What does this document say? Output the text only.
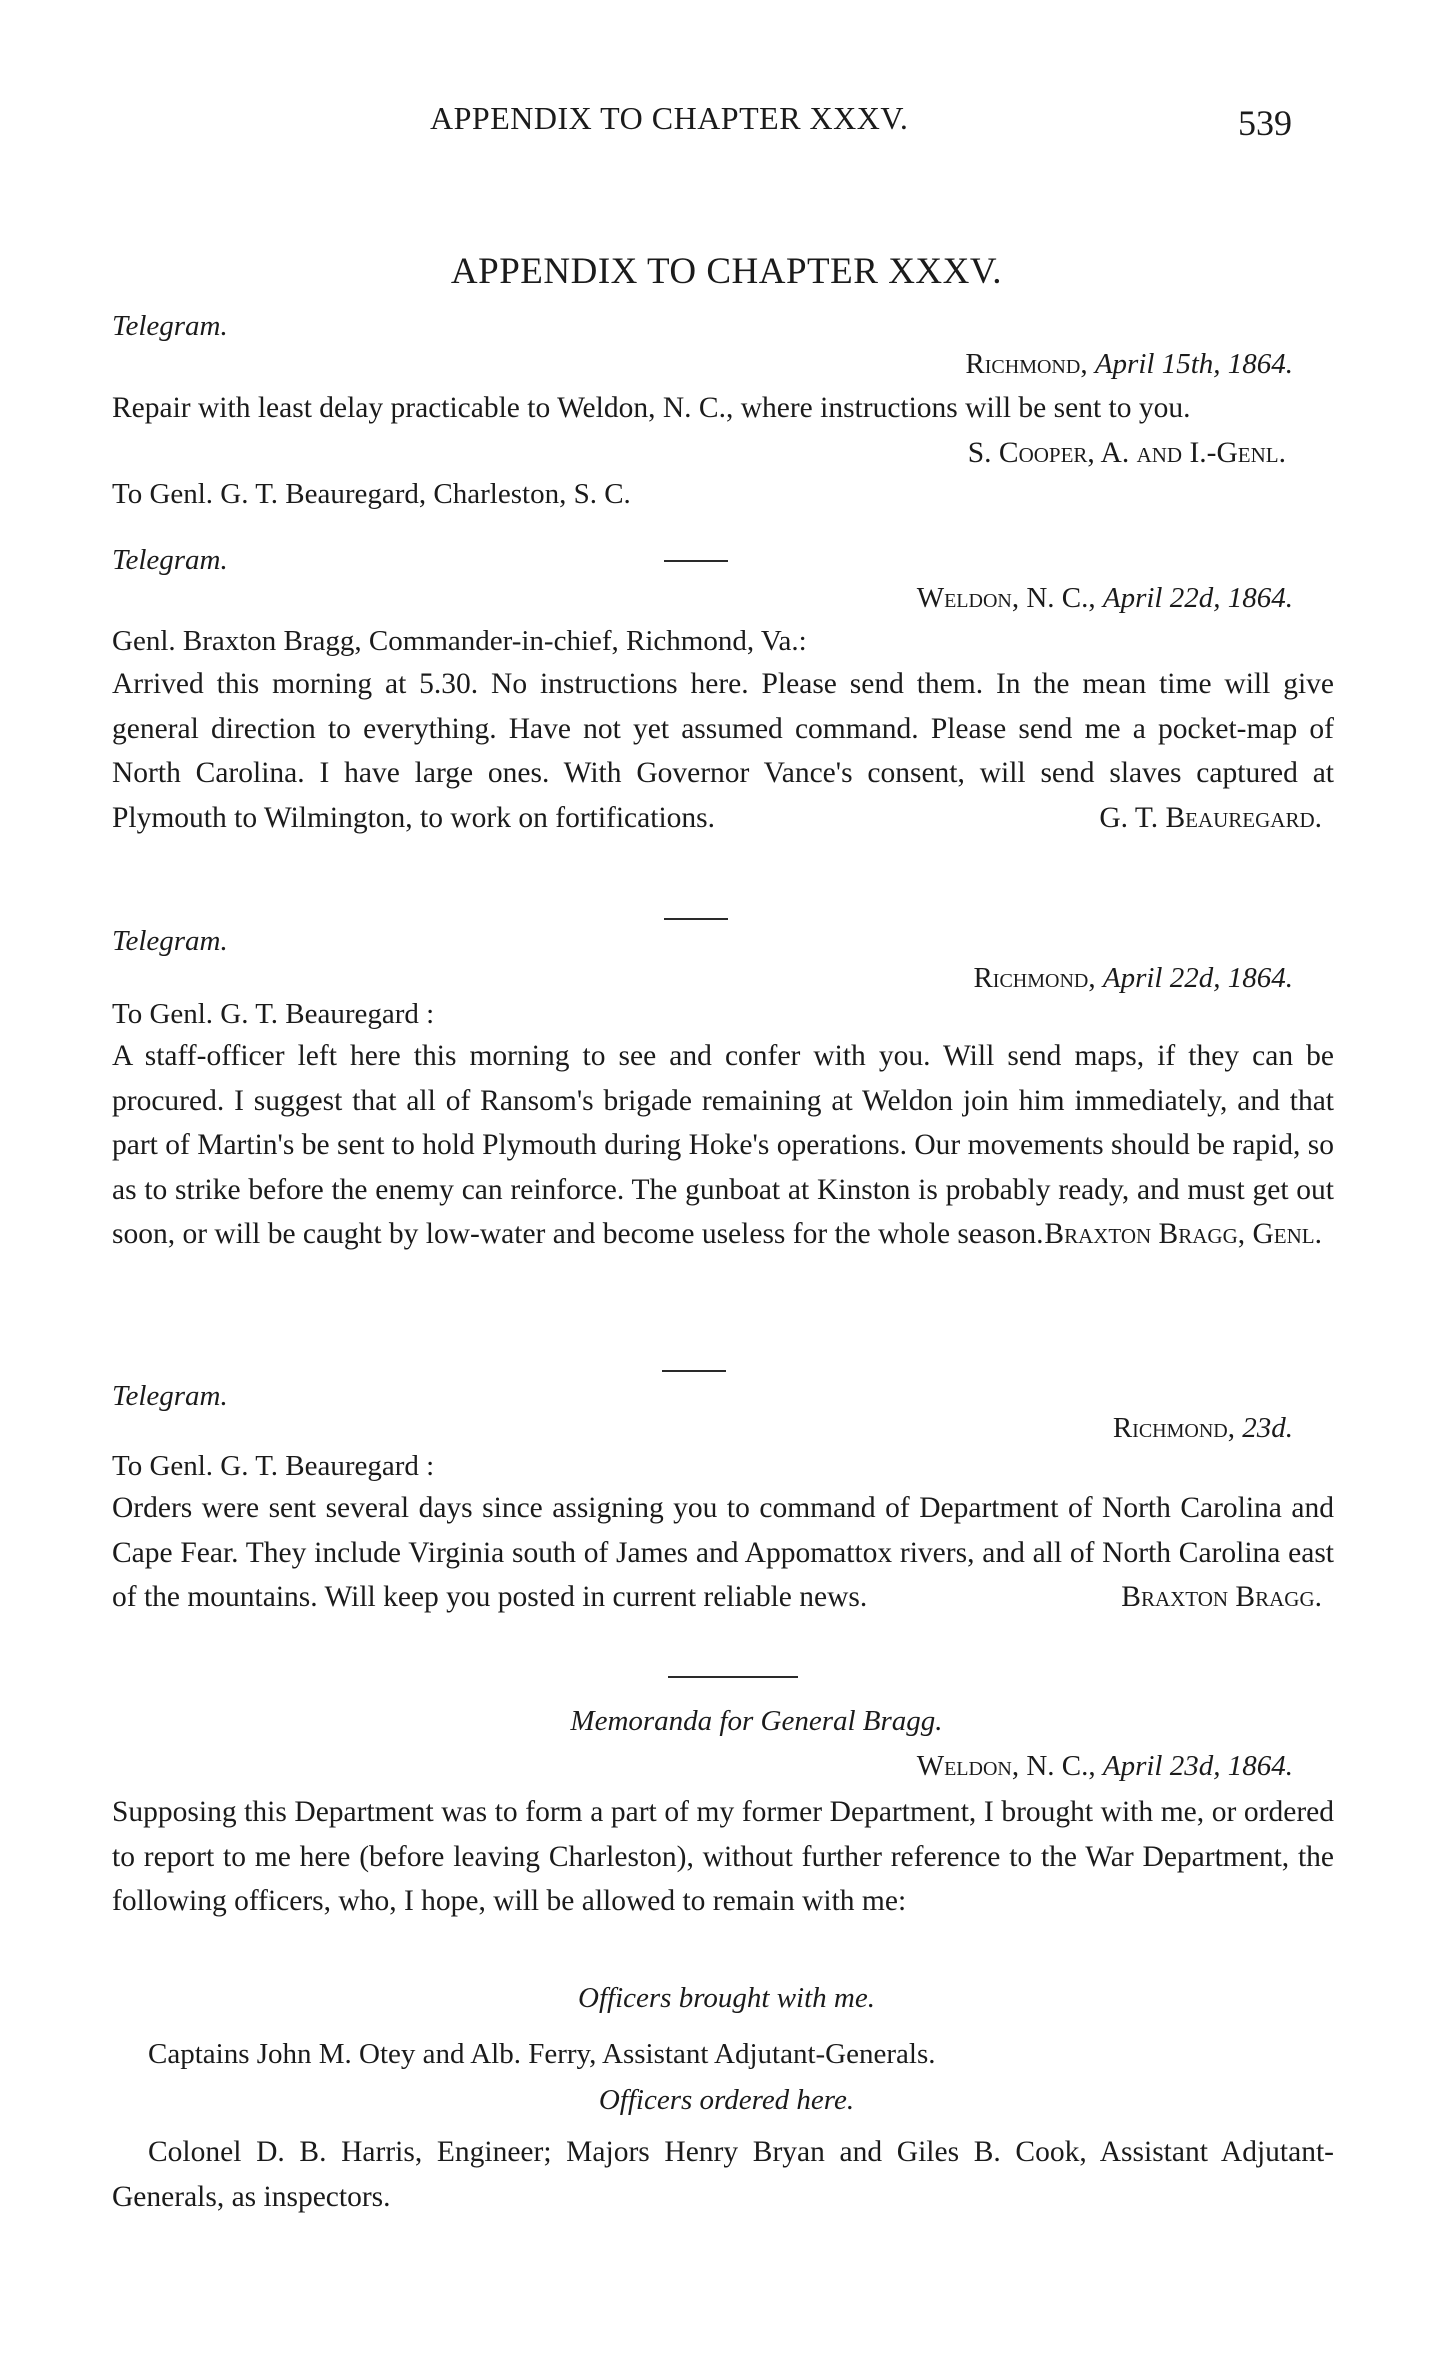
APPENDIX TO CHAPTER XXXV.	539
APPENDIX TO CHAPTER XXXV.
Telegram.
Richmond, April 15th, 1864.
Repair with least delay practicable to Weldon, N. C., where instructions will be sent to you.
S. Cooper, A. and I.-Genl.
To Genl. G. T. Beauregard, Charleston, S. C.
Telegram.
Weldon, N. C., April 22d, 1864.
Genl. Braxton Bragg, Commander-in-chief, Richmond, Va.:
Arrived this morning at 5.30. No instructions here. Please send them. In the mean time will give general direction to everything. Have not yet assumed command. Please send me a pocket-map of North Carolina. I have large ones. With Governor Vance's consent, will send slaves captured at Plymouth to Wilmington, to work on fortifications.	G. T. Beauregard.
Telegram.
Richmond, April 22d, 1864.
To Genl. G. T. Beauregard :
A staff-officer left here this morning to see and confer with you. Will send maps, if they can be procured. I suggest that all of Ransom's brigade remaining at Weldon join him immediately, and that part of Martin's be sent to hold Plymouth during Hoke's operations. Our movements should be rapid, so as to strike before the enemy can reinforce. The gunboat at Kinston is probably ready, and must get out soon, or will be caught by low-water and become useless for the whole season. Braxton Bragg, Genl.
Telegram.
Richmond, 23d.
To Genl. G. T. Beauregard :
Orders were sent several days since assigning you to command of Department of North Carolina and Cape Fear. They include Virginia south of James and Appomattox rivers, and all of North Carolina east of the mountains. Will keep you posted in current reliable news.	Braxton Bragg.
Memoranda for General Bragg.
Weldon, N. C., April 23d, 1864.
Supposing this Department was to form a part of my former Department, I brought with me, or ordered to report to me here (before leaving Charleston), without further reference to the War Department, the following officers, who, I hope, will be allowed to remain with me:
Officers brought with me.
Captains John M. Otey and Alb. Ferry, Assistant Adjutant-Generals.
Officers ordered here.
Colonel D. B. Harris, Engineer; Majors Henry Bryan and Giles B. Cook, Assistant Adjutant-Generals, as inspectors.
